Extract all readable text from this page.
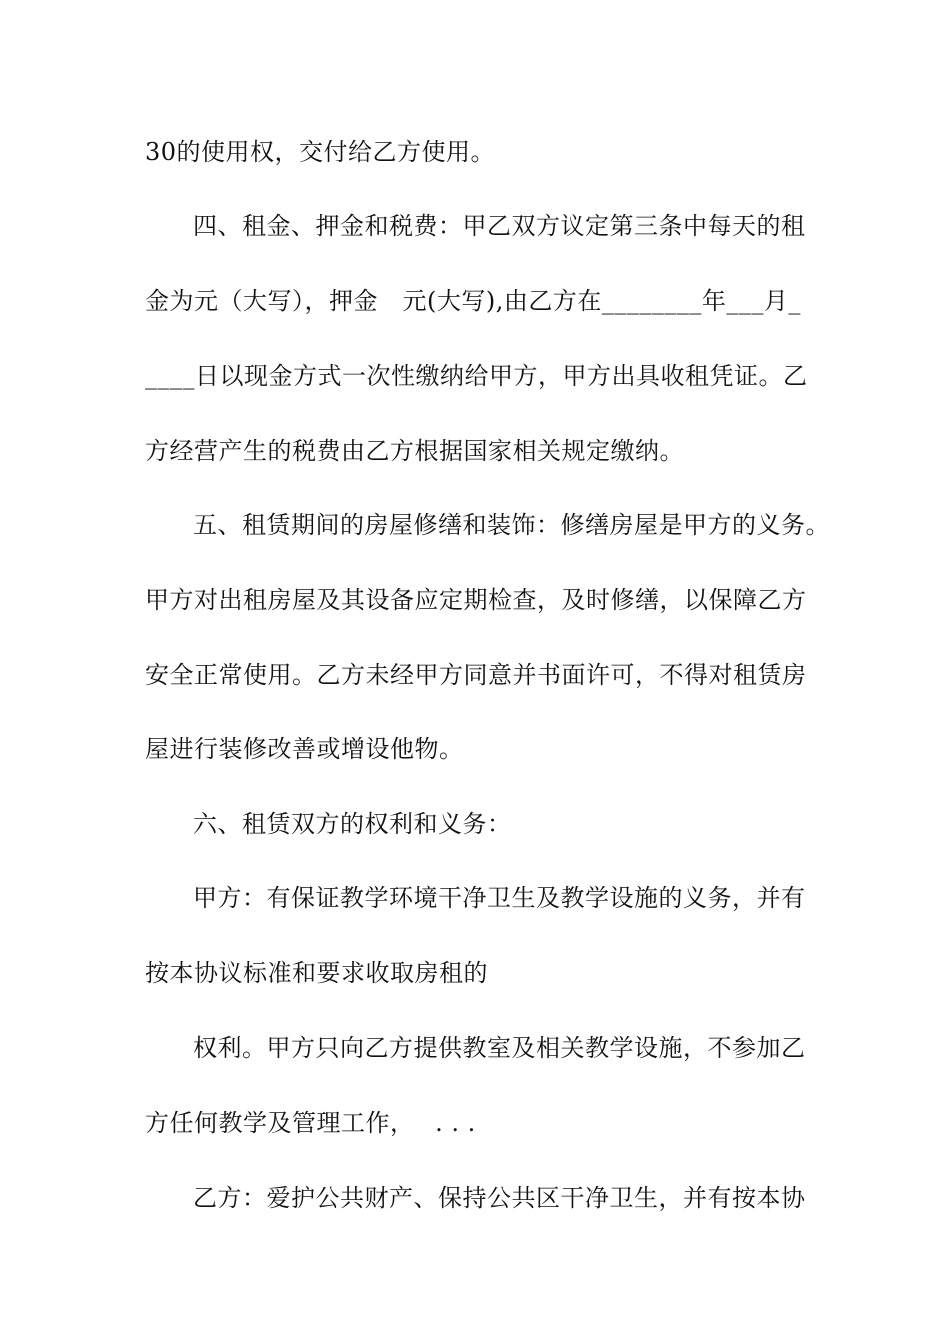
30的使用权，交付给乙方使用。
四、租金、押金和税费：甲乙双方议定第三条中每天的租
金为元（大写），押金　元(大写),由乙方在________年___月_
____日以现金方式一次性缴纳给甲方，甲方出具收租凭证。乙
方经营产生的税费由乙方根据国家相关规定缴纳。
五、租赁期间的房屋修缮和装饰：修缮房屋是甲方的义务。
甲方对出租房屋及其设备应定期检查，及时修缮，以保障乙方
安全正常使用。乙方未经甲方同意并书面许可，不得对租赁房
屋进行装修改善或增设他物。
六、租赁双方的权利和义务：
甲方：有保证教学环境干净卫生及教学设施的义务，并有
按本协议标准和要求收取房租的
权利。甲方只向乙方提供教室及相关教学设施，不参加乙
方任何教学及管理工作，　 . . .
乙方：爱护公共财产、保持公共区干净卫生，并有按本协
